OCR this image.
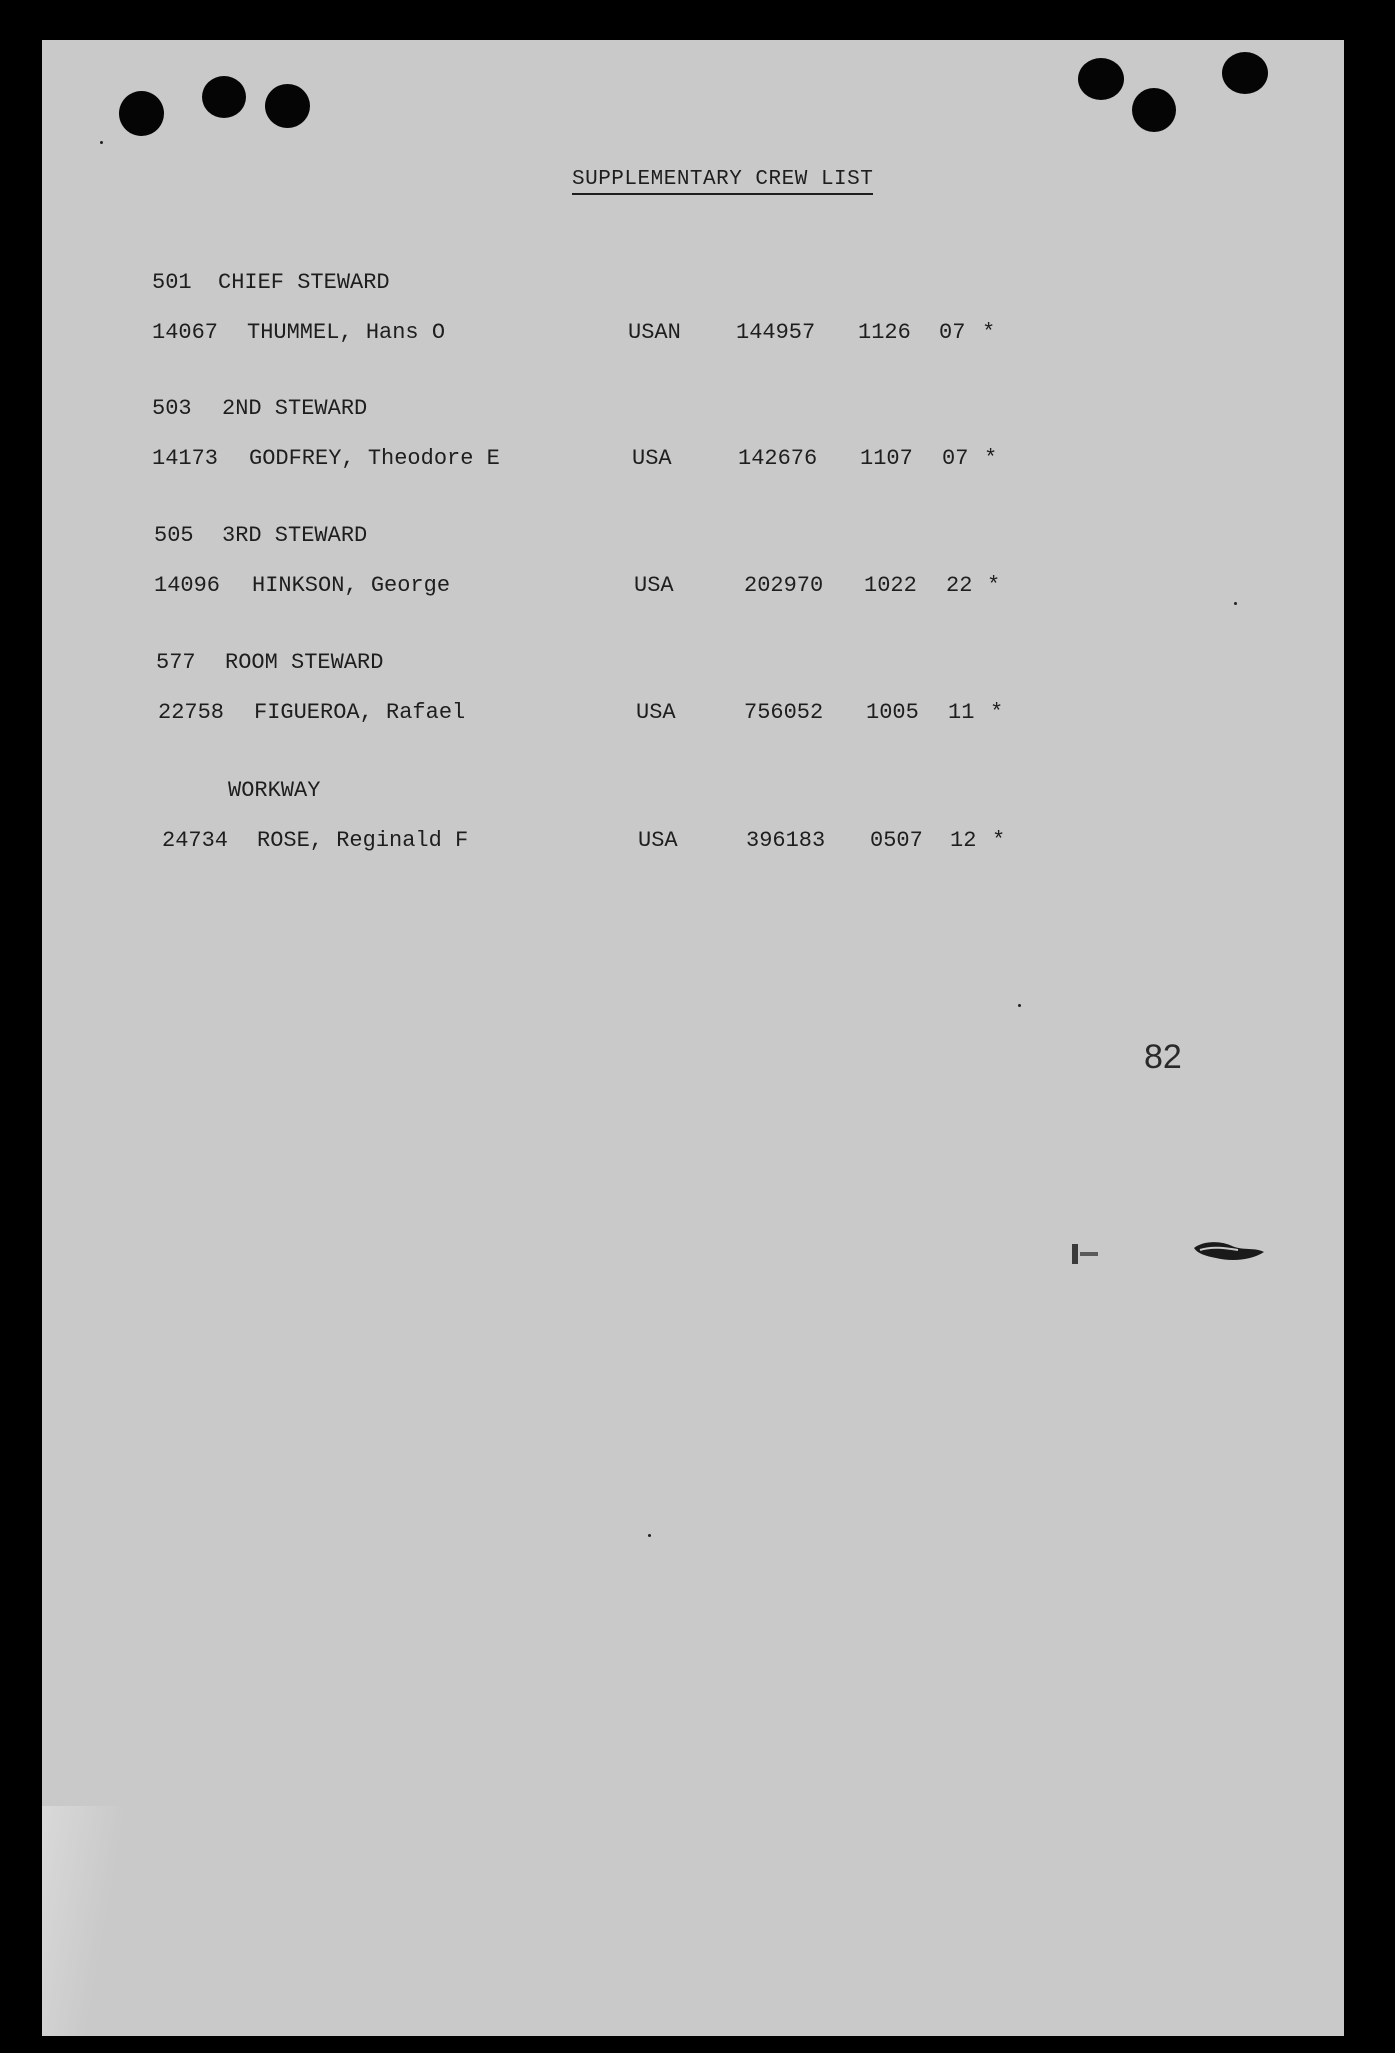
SUPPLEMENTARY CREW LIST
501 CHIEF STEWARD
14067 THUMMEL, Hans O	USAN	144957 1126 07 *
503 2ND STEWARD
14173 GODFREY, Theodore E	USA	142676 1107 07 *
505 3RD STEWARD
14096 HINKSON, George	USA	202970 1022 22 *
577 ROOM STEWARD
22758 FIGUEROA, Rafael	USA	756052 1005 11 *
WORKWAY
24734 ROSE, Reginald F	USA	396183 0507 12 *
82
